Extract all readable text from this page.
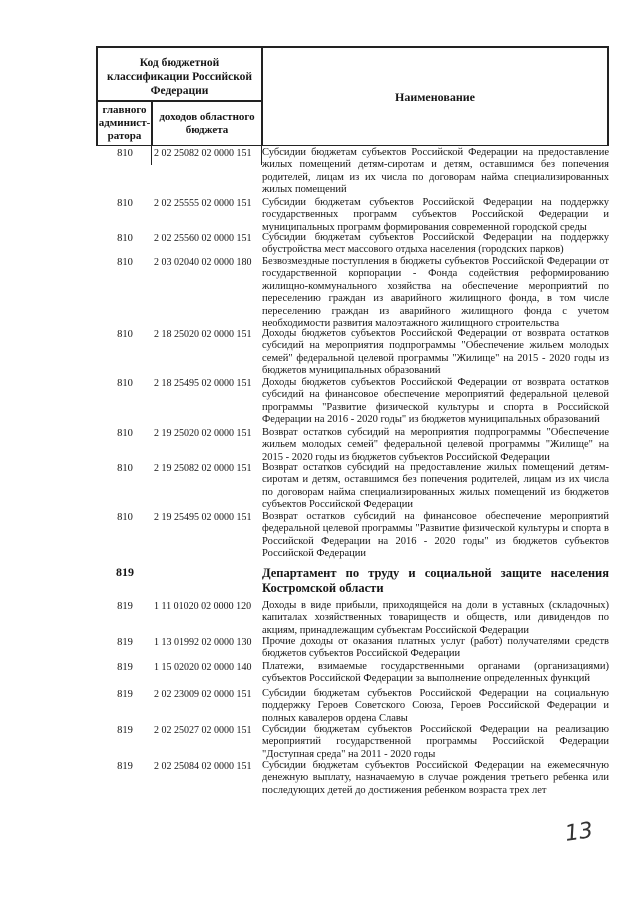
Код бюджетной классификации Российской Федерации	Наименование
главного админист-ратора
доходов областного бюджета
810	2 02 25082 02 0000 151	Субсидии бюджетам субъектов Российской Федерации на предоставление жилых помещений детям-сиротам и детям, оставшимся без попечения родителей, лицам из их числа по договорам найма специализированных жилых помещений
810	2 02 25555 02 0000 151	Субсидии бюджетам субъектов Российской Федерации на поддержку государственных программ субъектов Российской Федерации и муниципальных программ формирования современной городской среды
810	2 02 25560 02 0000 151	Субсидии бюджетам субъектов Российской Федерации на поддержку обустройства мест массового отдыха населения (городских парков)
810	2 03 02040 02 0000 180	Безвозмездные поступления в бюджеты субъектов Российской Федерации от государственной корпорации - Фонда содействия реформированию жилищно-коммунального хозяйства на обеспечение мероприятий по переселению граждан из аварийного жилищного фонда, в том числе переселению граждан из аварийного жилищного фонда с учетом необходимости развития малоэтажного жилищного строительства
810	2 18 25020 02 0000 151	Доходы бюджетов субъектов Российской Федерации от возврата остатков субсидий на мероприятия подпрограммы "Обеспечение жильем молодых семей" федеральной целевой программы "Жилище" на 2015 - 2020 годы из бюджетов муниципальных образований
810	2 18 25495 02 0000 151	Доходы бюджетов субъектов Российской Федерации от возврата остатков субсидий на финансовое обеспечение мероприятий федеральной целевой программы "Развитие физической культуры и спорта в Российской Федерации на 2016 - 2020 годы" из бюджетов муниципальных образований
810	2 19 25020 02 0000 151	Возврат остатков субсидий на мероприятия подпрограммы "Обеспечение жильем молодых семей" федеральной целевой программы "Жилище" на 2015 - 2020 годы из бюджетов субъектов Российской Федерации
810	2 19 25082 02 0000 151	Возврат остатков субсидий на предоставление жилых помещений детям-сиротам и детям, оставшимся без попечения родителей, лицам из их числа по договорам найма специализированных жилых помещений из бюджетов субъектов Российской Федерации
810	2 19 25495 02 0000 151	Возврат остатков субсидий на финансовое обеспечение мероприятий федеральной целевой программы "Развитие физической культуры и спорта в Российской Федерации на 2016 - 2020 годы" из бюджетов субъектов Российской Федерации
819	Департамент по труду и социальной защите населения Костромской области
819	1 11 01020 02 0000 120	Доходы в виде прибыли, приходящейся на доли в уставных (складочных) капиталах хозяйственных товариществ и обществ, или дивидендов по акциям, принадлежащим субъектам Российской Федерации
819	1 13 01992 02 0000 130	Прочие доходы от оказания платных услуг (работ) получателями средств бюджетов субъектов Российской Федерации
819	1 15 02020 02 0000 140	Платежи, взимаемые государственными органами (организациями) субъектов Российской Федерации за выполнение определенных функций
819	2 02 23009 02 0000 151	Субсидии бюджетам субъектов Российской Федерации на социальную поддержку Героев Советского Союза, Героев Российской Федерации и полных кавалеров ордена Славы
819	2 02 25027 02 0000 151	Субсидии бюджетам субъектов Российской Федерации на реализацию мероприятий государственной программы Российской Федерации "Доступная среда" на 2011 - 2020 годы
819	2 02 25084 02 0000 151	Субсидии бюджетам субъектов Российской Федерации на ежемесячную денежную выплату, назначаемую в случае рождения третьего ребенка или последующих детей до достижения ребенком возраста трех лет
13
